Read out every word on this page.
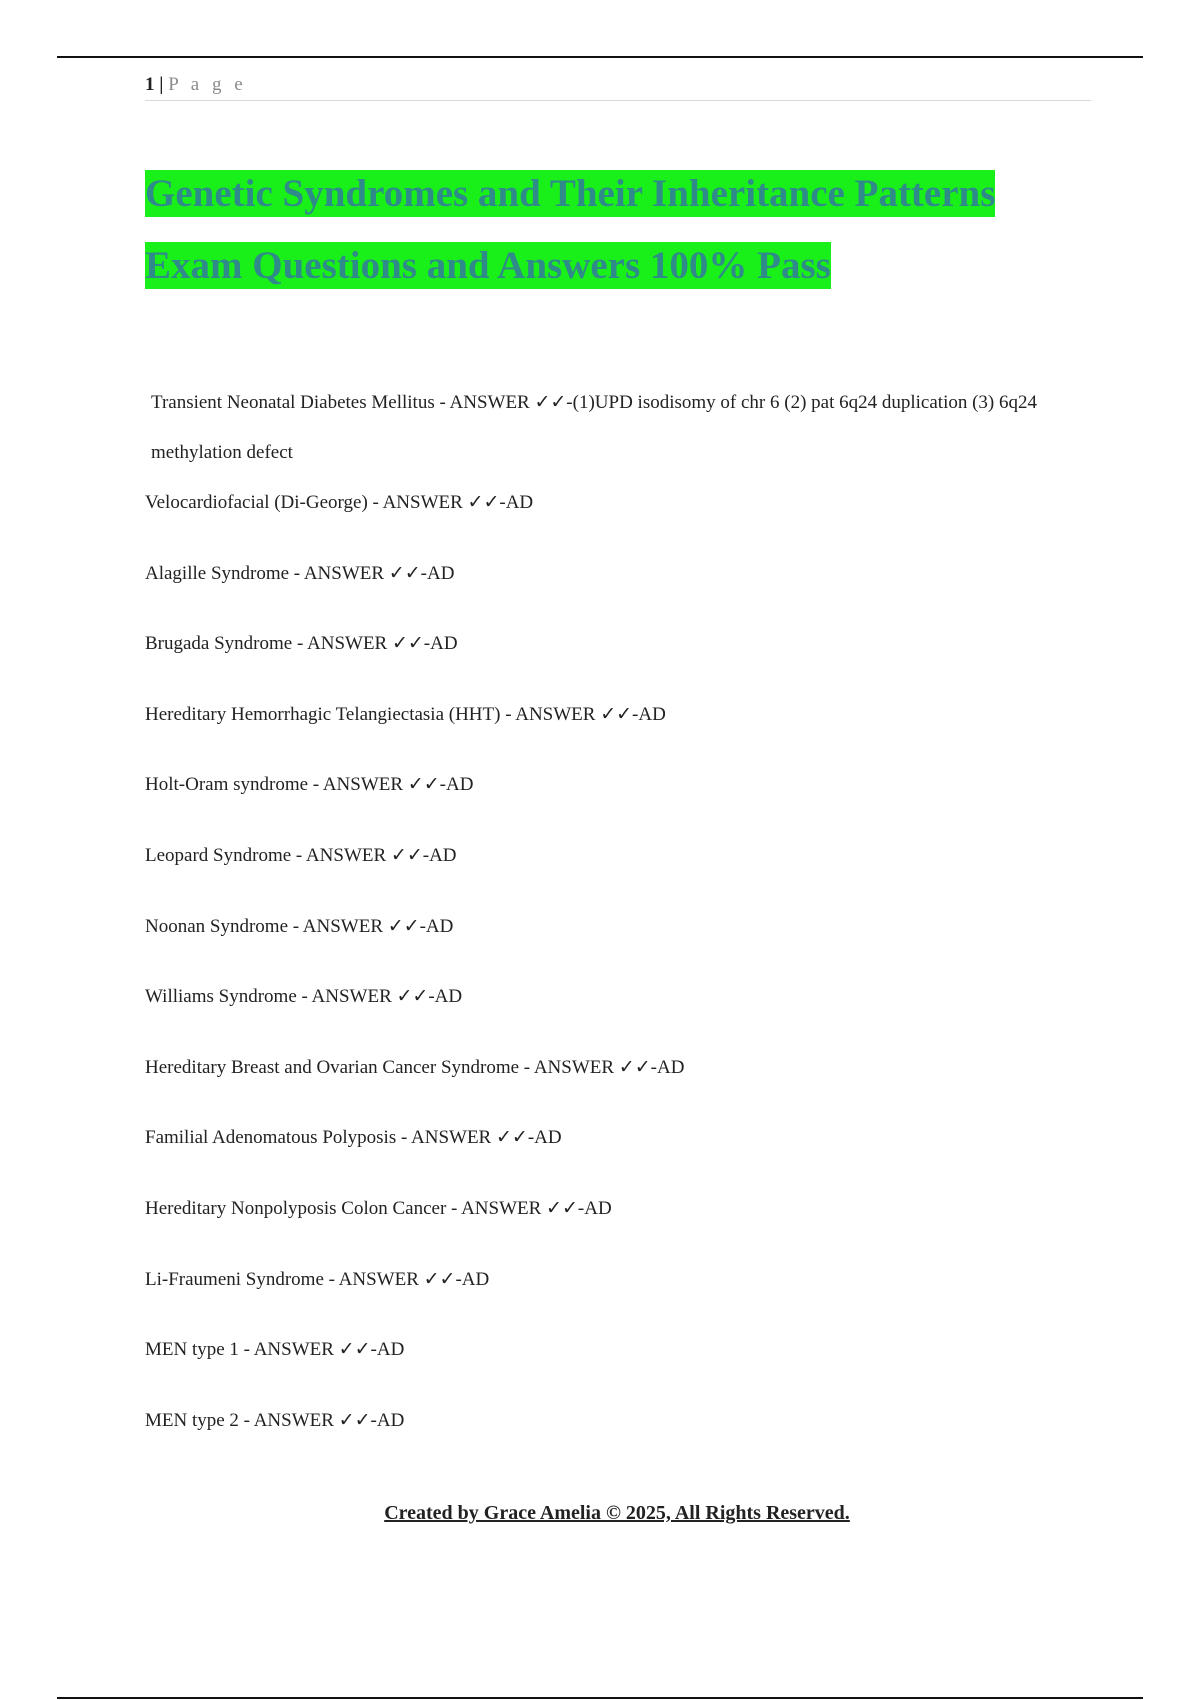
1 | P a g e
Genetic Syndromes and Their Inheritance Patterns
Exam Questions and Answers 100% Pass
Transient Neonatal Diabetes Mellitus - ANSWER ✓✓-(1)UPD isodisomy of chr 6 (2) pat 6q24 duplication (3) 6q24 methylation defect
Velocardiofacial (Di-George) - ANSWER ✓✓-AD
Alagille Syndrome - ANSWER ✓✓-AD
Brugada Syndrome - ANSWER ✓✓-AD
Hereditary Hemorrhagic Telangiectasia (HHT) - ANSWER ✓✓-AD
Holt-Oram syndrome - ANSWER ✓✓-AD
Leopard Syndrome - ANSWER ✓✓-AD
Noonan Syndrome - ANSWER ✓✓-AD
Williams Syndrome - ANSWER ✓✓-AD
Hereditary Breast and Ovarian Cancer Syndrome - ANSWER ✓✓-AD
Familial Adenomatous Polyposis - ANSWER ✓✓-AD
Hereditary Nonpolyposis Colon Cancer - ANSWER ✓✓-AD
Li-Fraumeni Syndrome - ANSWER ✓✓-AD
MEN type 1 - ANSWER ✓✓-AD
MEN type 2 - ANSWER ✓✓-AD
Created by Grace Amelia © 2025, All Rights Reserved.
